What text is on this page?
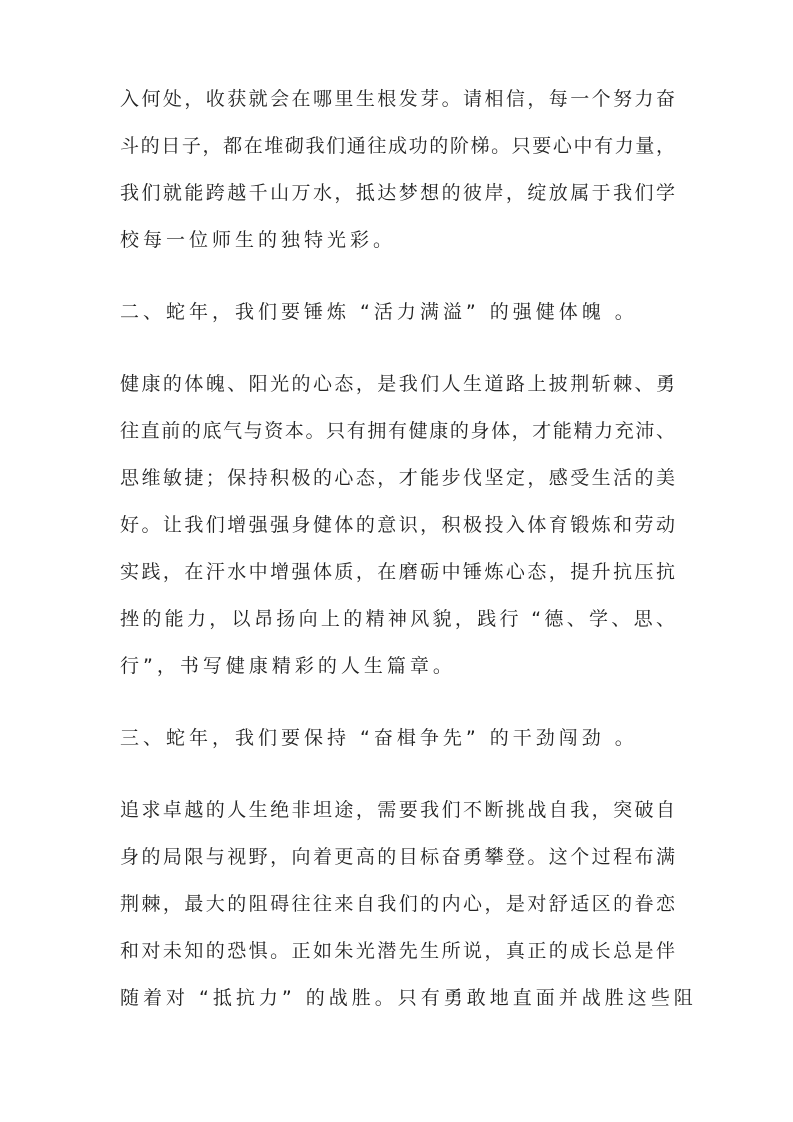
入何处，收获就会在哪里生根发芽。请相信，每一个努力奋
斗的日子，都在堆砌我们通往成功的阶梯。只要心中有力量，
我们就能跨越千山万水，抵达梦想的彼岸，绽放属于我们学
校每一位师生的独特光彩。
二、蛇年，我们要锤炼 “活力满溢” 的强健体魄 。
健康的体魄、阳光的心态，是我们人生道路上披荆斩棘、勇
往直前的底气与资本。只有拥有健康的身体，才能精力充沛、
思维敏捷；保持积极的心态，才能步伐坚定，感受生活的美
好。让我们增强强身健体的意识，积极投入体育锻炼和劳动
实践，在汗水中增强体质，在磨砺中锤炼心态，提升抗压抗
挫的能力，以昂扬向上的精神风貌，践行 “德、学、思、
行”，书写健康精彩的人生篇章。
三、蛇年，我们要保持 “奋楫争先” 的干劲闯劲 。
追求卓越的人生绝非坦途，需要我们不断挑战自我，突破自
身的局限与视野，向着更高的目标奋勇攀登。这个过程布满
荆棘，最大的阻碍往往来自我们的内心，是对舒适区的眷恋
和对未知的恐惧。正如朱光潜先生所说，真正的成长总是伴
随着对 “抵抗力” 的战胜。只有勇敢地直面并战胜这些阻
